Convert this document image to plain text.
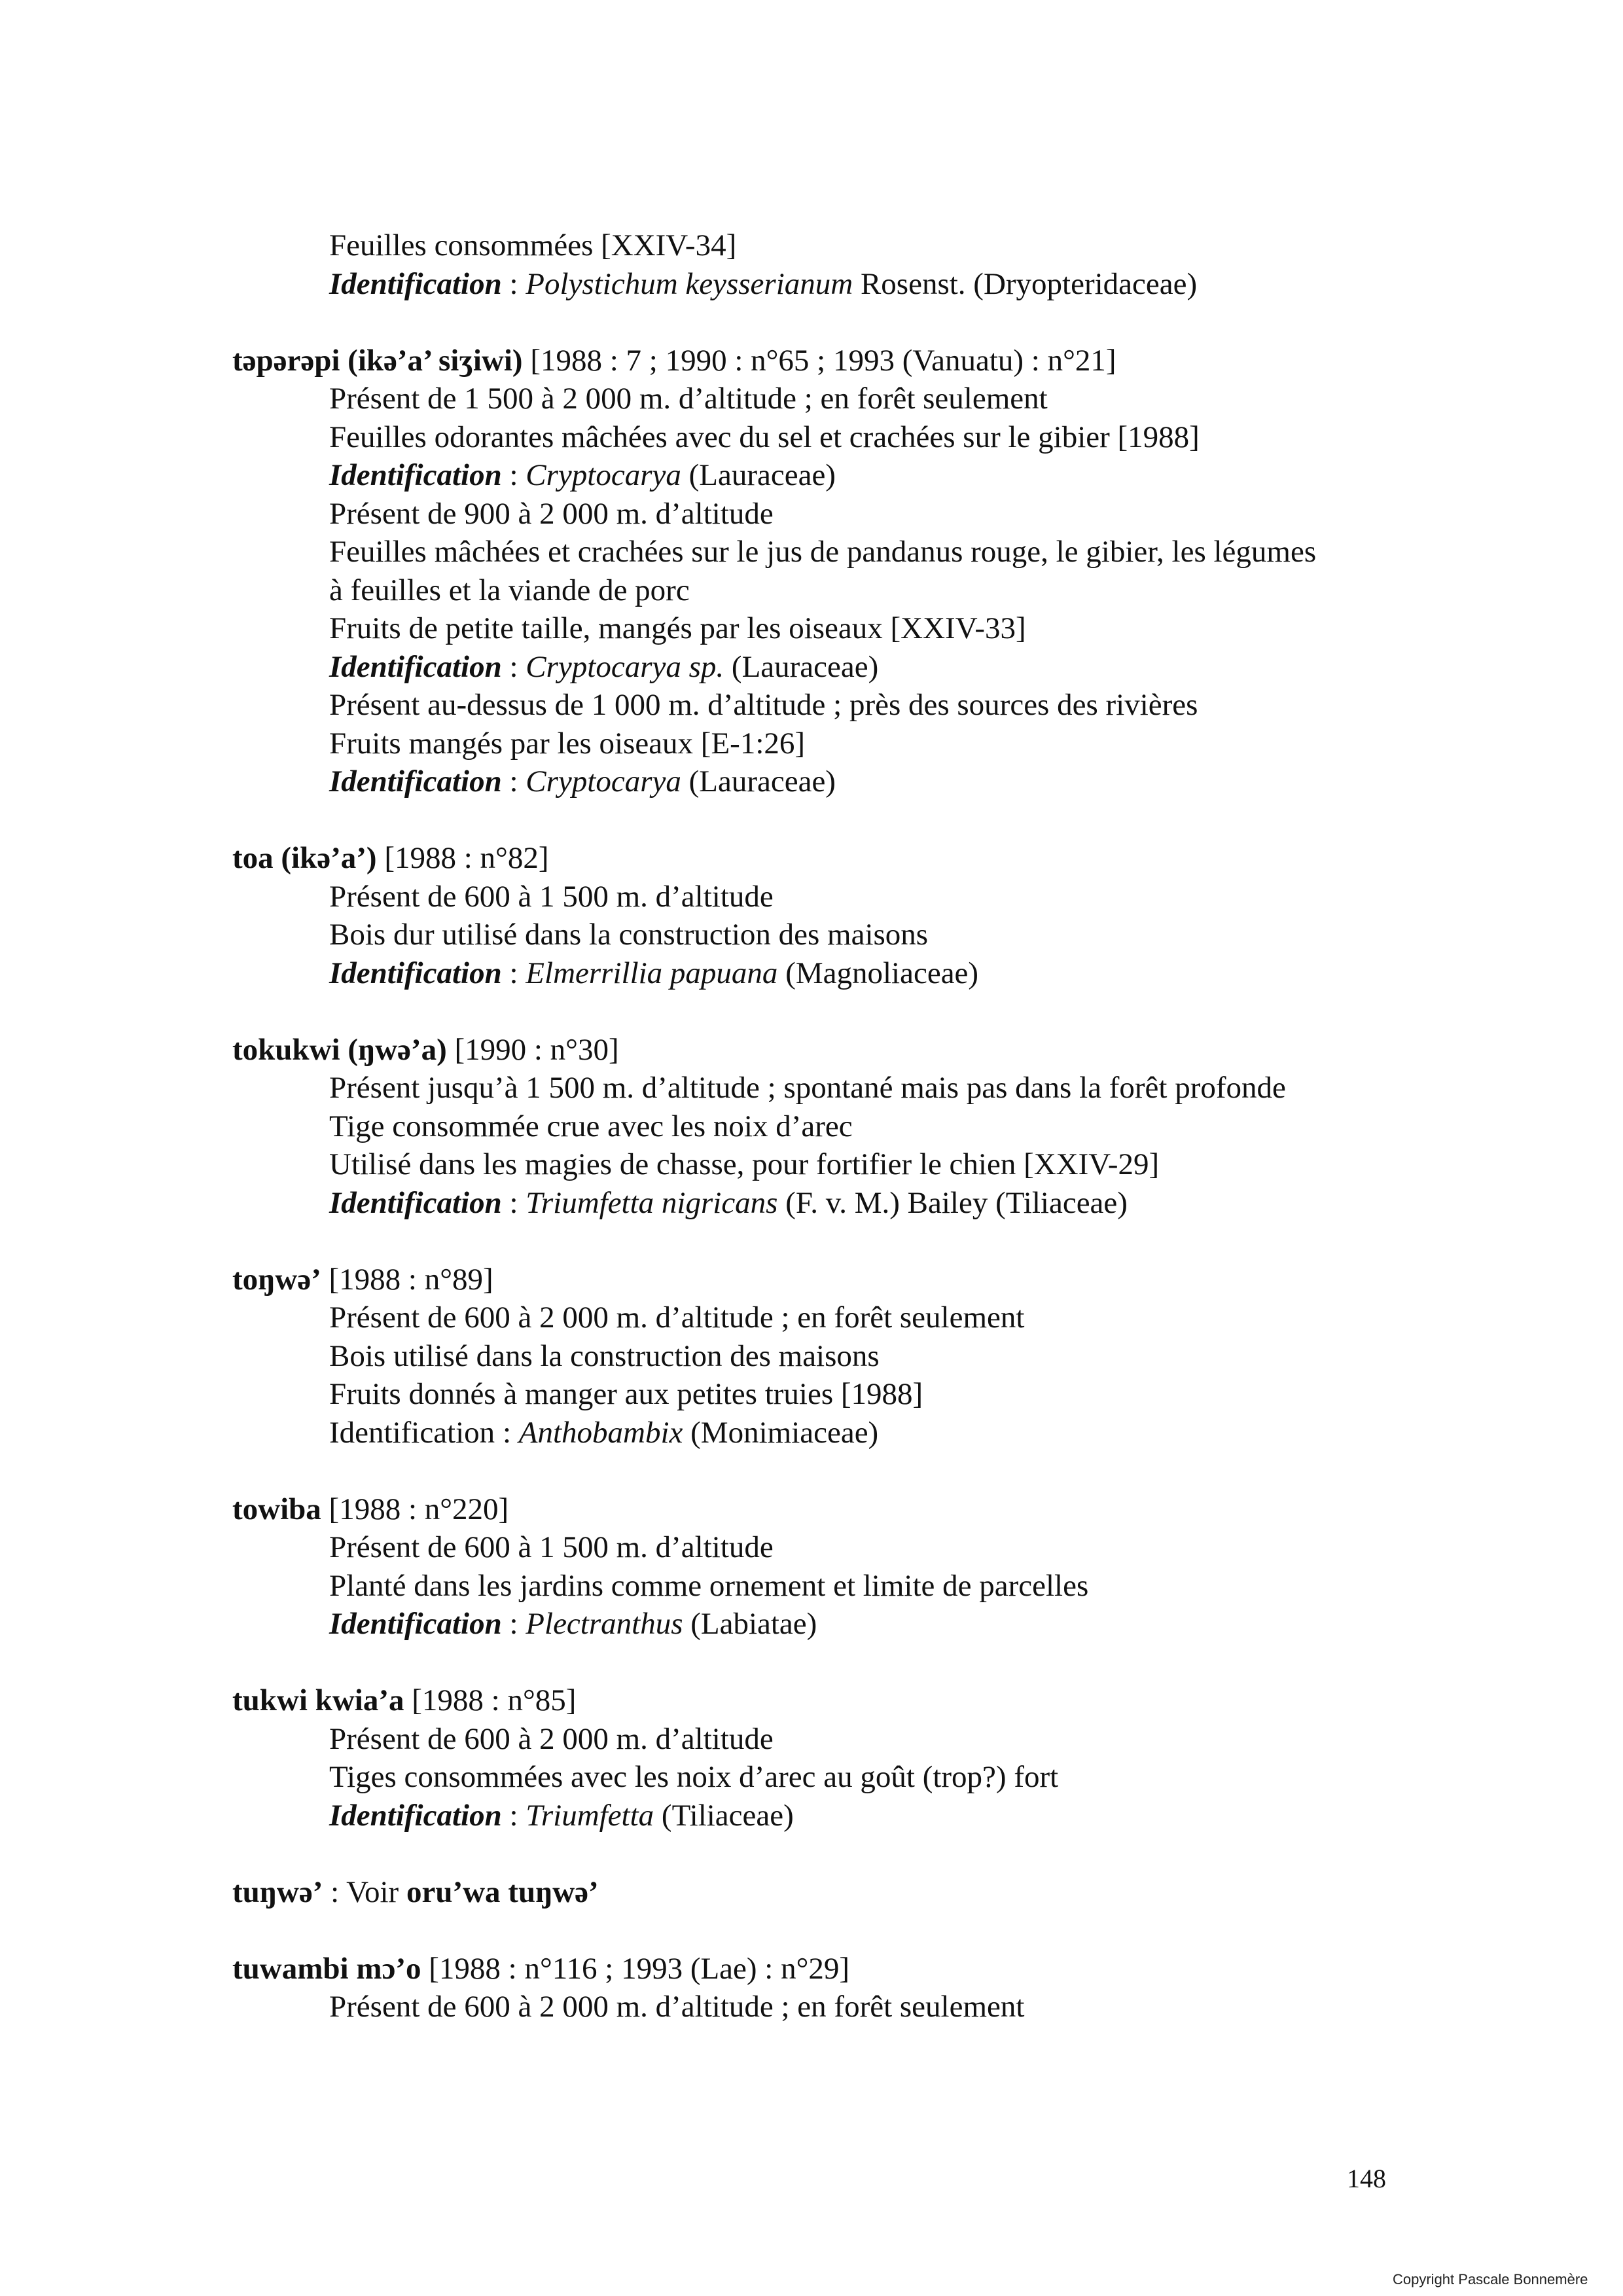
Feuilles consommées [XXIV-34]
Identification : Polystichum keysserianum Rosenst. (Dryopteridaceae)
təpərəpi (ikə’a’ siʒiwi) [1988 : 7 ; 1990 : n°65 ; 1993 (Vanuatu) : n°21]
Présent de 1 500 à 2 000 m. d’altitude ; en forêt seulement
Feuilles odorantes mâchées avec du sel et crachées sur le gibier [1988]
Identification : Cryptocarya (Lauraceae)
Présent de 900 à 2 000 m. d’altitude
Feuilles mâchées et crachées sur le jus de pandanus rouge, le gibier, les légumes
à feuilles et la viande de porc
Fruits de petite taille, mangés par les oiseaux [XXIV-33]
Identification : Cryptocarya sp. (Lauraceae)
Présent au-dessus de 1 000 m. d’altitude ; près des sources des rivières
Fruits mangés par les oiseaux [E-1:26]
Identification : Cryptocarya (Lauraceae)
toa (ikə’a’) [1988 : n°82]
Présent de 600 à 1 500 m. d’altitude
Bois dur utilisé dans la construction des maisons
Identification : Elmerrillia papuana (Magnoliaceae)
tokukwi (ŋwə’a) [1990 : n°30]
Présent jusqu’à 1 500 m. d’altitude ; spontané mais pas dans la forêt profonde
Tige consommée crue avec les noix d’arec
Utilisé dans les magies de chasse, pour fortifier le chien [XXIV-29]
Identification : Triumfetta nigricans (F. v. M.) Bailey (Tiliaceae)
toŋwə’ [1988 : n°89]
Présent de 600 à 2 000 m. d’altitude ; en forêt seulement
Bois utilisé dans la construction des maisons
Fruits donnés à manger aux petites truies [1988]
Identification : Anthobambix (Monimiaceae)
towiba [1988 : n°220]
Présent de 600 à 1 500 m. d’altitude
Planté dans les jardins comme ornement et limite de parcelles
Identification : Plectranthus (Labiatae)
tukwi kwia’a [1988 : n°85]
Présent de 600 à 2 000 m. d’altitude
Tiges consommées avec les noix d’arec au goût (trop?) fort
Identification : Triumfetta (Tiliaceae)
tuŋwə’ : Voir oru’wa tuŋwə’
tuwambi mɔ’o [1988 : n°116 ; 1993 (Lae) : n°29]
Présent de 600 à 2 000 m. d’altitude ; en forêt seulement
148
Copyright Pascale Bonnemère
